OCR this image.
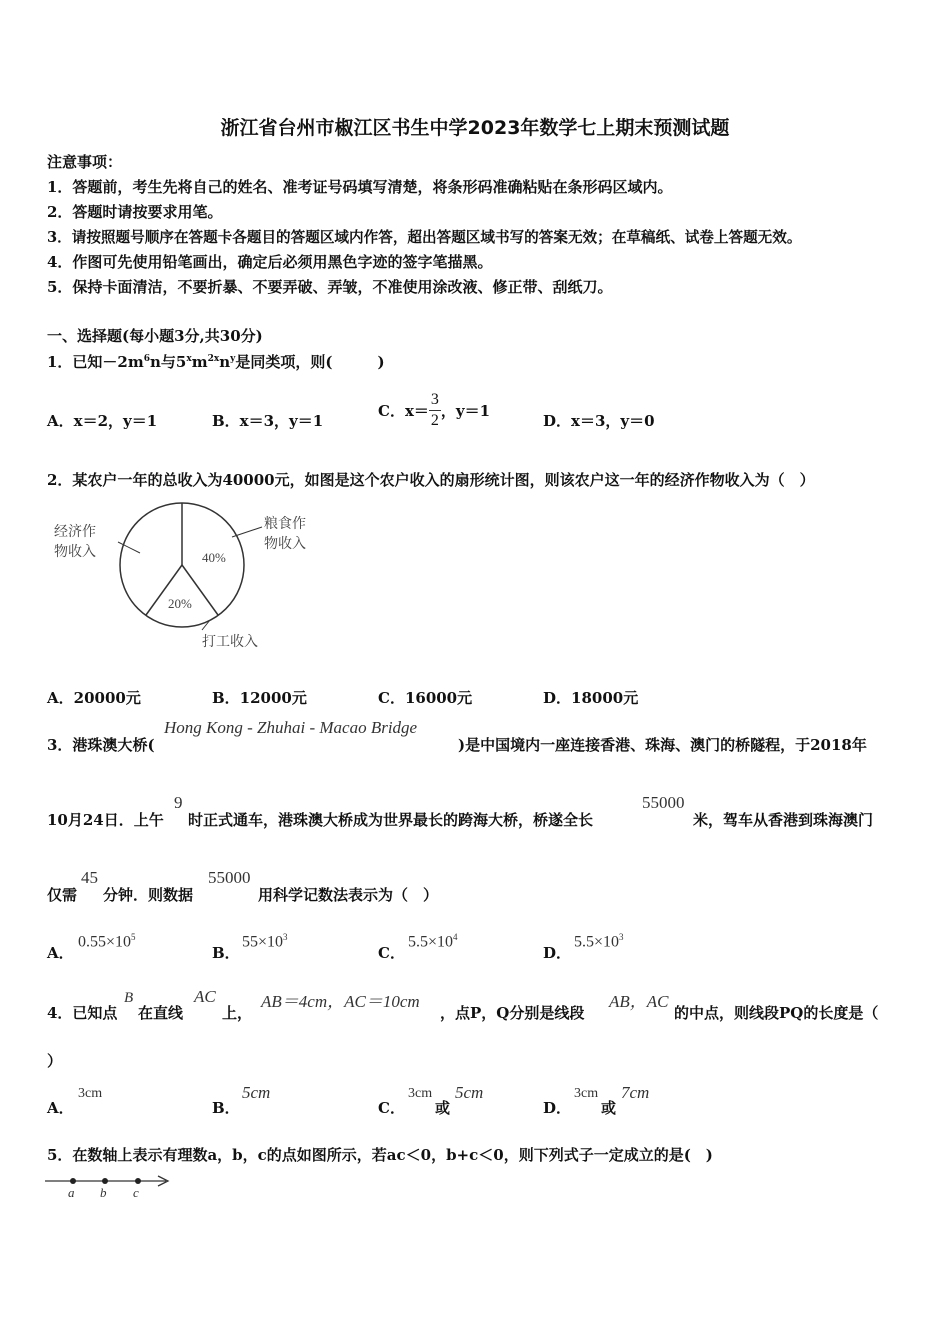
浙江省台州市椒江区书生中学2023年数学七上期末预测试题
注意事项：
1．答题前，考生先将自己的姓名、准考证号码填写清楚，将条形码准确粘贴在条形码区域内。
2．答题时请按要求用笔。
3．请按照题号顺序在答题卡各题目的答题区域内作答，超出答题区域书写的答案无效；在草稿纸、试卷上答题无效。
4．作图可先使用铅笔画出，确定后必须用黑色字迹的签字笔描黑。
5．保持卡面清洁，不要折暴、不要弄破、弄皱，不准使用涂改液、修正带、刮纸刀。
一、选择题(每小题3分,共30分)
1．已知$-2m^6n$与$5^xm^{2x}n^y$是同类项，则(　　　)
A．x＝2，y＝1	B．x＝3，y＝1
C．$x= \frac{3}{2}$ ，y＝1
D．x＝3，y＝0
2．某农户一年的总收入为40000元，如图是这个农户收入的扇形统计图，则该农户这一年的经济作物收入为（　）
经济作
物收入
粮食作
物收入
打工收入
40%
20%
A．20000元	B．12000元	C．16000元	D．18000元
3．港珠澳大桥(
Hong Kong - Zhuhai - Macao Bridge
)是中国境内一座连接香港、珠海、澳门的桥隧程，于2018年
10月24日．上午
9
时正式通车，港珠澳大桥成为世界最长的跨海大桥，桥遂全长
55000
米，驾车从香港到珠海澳门
仅需
45
分钟．则数据
55000
用科学记数法表示为（　）
A．
$0.55\times 10^5$
B．
$55\times 10^3$
C．
$5.5\times 10^4$
D．
$5.5\times 10^3$
4．已知点
B
在直线
AC
上，
AB＝4cm，AC＝10cm
，点P，Q分别是线段
AB，AC
的中点，则线段PQ的长度是（
）
A．
3cm
B．
5cm
C．
3cm
或
5cm
D．
3cm
或
7cm
5．在数轴上表示有理数a，b，c的点如图所示，若ac＜0，b+c＜0，则下列式子一定成立的是(　)
a b c
